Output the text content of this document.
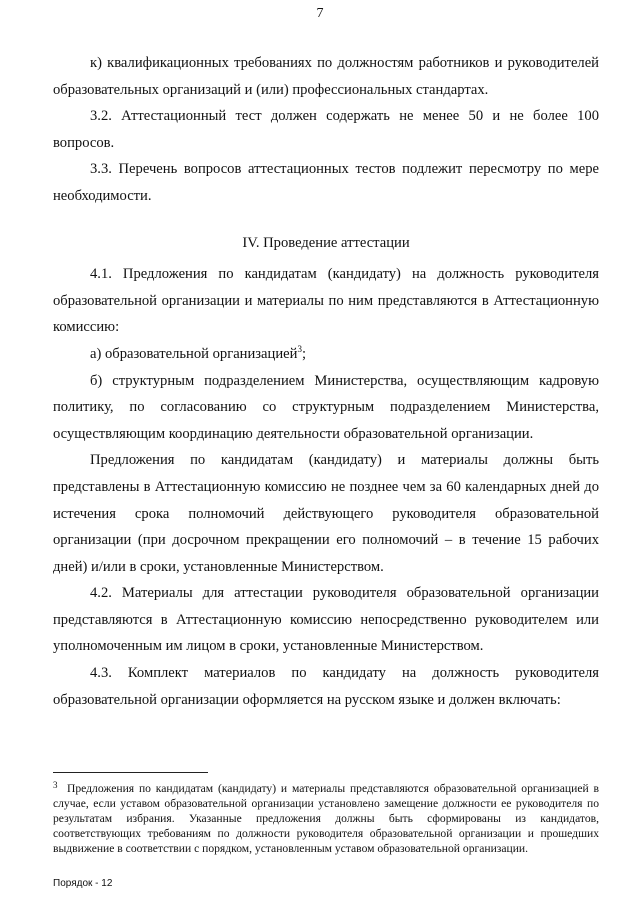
7

к) квалификационных требованиях по должностям работников и руководителей образовательных организаций и (или) профессиональных стандартах.

3.2. Аттестационный тест должен содержать не менее 50 и не более 100 вопросов.

3.3. Перечень вопросов аттестационных тестов подлежит пересмотру по мере необходимости.

IV. Проведение аттестации

4.1. Предложения по кандидатам (кандидату) на должность руководителя образовательной организации и материалы по ним представляются в Аттестационную комиссию:

а) образовательной организацией$^3$;

б) структурным подразделением Министерства, осуществляющим кадровую политику, по согласованию со структурным подразделением Министерства, осуществляющим координацию деятельности образовательной организации.

Предложения по кандидатам (кандидату) и материалы должны быть представлены в Аттестационную комиссию не позднее чем за 60 календарных дней до истечения срока полномочий действующего руководителя образовательной организации (при досрочном прекращении его полномочий – в течение 15 рабочих дней) и/или в сроки, установленные Министерством.

4.2. Материалы для аттестации руководителя образовательной организации представляются в Аттестационную комиссию непосредственно руководителем или уполномоченным им лицом в сроки, установленные Министерством.

4.3. Комплект материалов по кандидату на должность руководителя образовательной организации оформляется на русском языке и должен включать:

3 Предложения по кандидатам (кандидату) и материалы представляются образовательной организацией в случае, если уставом образовательной организации установлено замещение должности ее руководителя по результатам избрания. Указанные предложения должны быть сформированы из кандидатов, соответствующих требованиям по должности руководителя образовательной организации и прошедших выдвижение в соответствии с порядком, установленным уставом образовательной организации.

Порядок - 12
